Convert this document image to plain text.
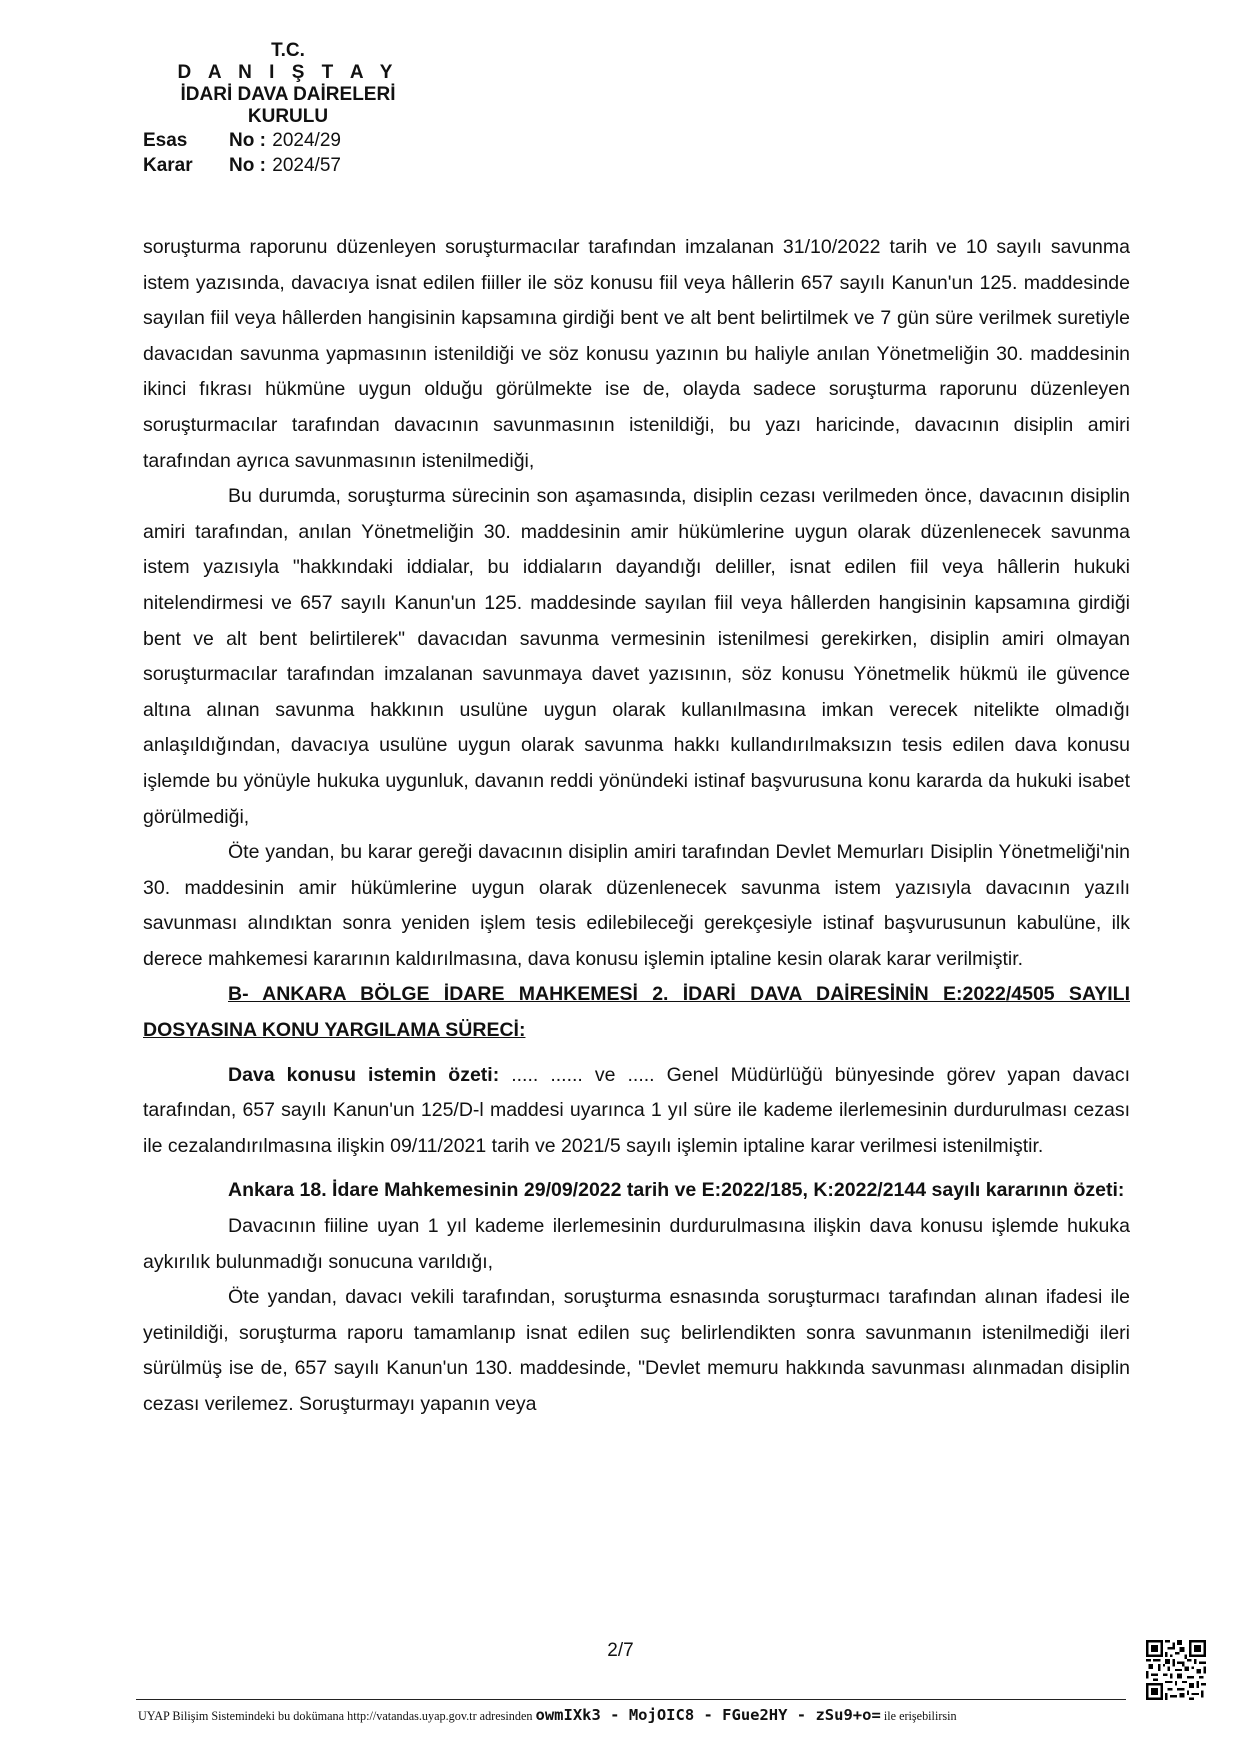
T.C.

D A N I Ş T A Y

İDARİ DAVA DAİRELERİ

KURULU

Esas No : 2024/29
Karar No : 2024/57

soruşturma raporunu düzenleyen soruşturmacılar tarafından imzalanan 31/10/2022 tarih ve 10 sayılı savunma istem yazısında, davacıya isnat edilen fiiller ile söz konusu fiil veya hâllerin 657 sayılı Kanun'un 125. maddesinde sayılan fiil veya hâllerden hangisinin kapsamına girdiği bent ve alt bent belirtilmek ve 7 gün süre verilmek suretiyle davacıdan savunma yapmasının istenildiği ve söz konusu yazının bu haliyle anılan Yönetmeliğin 30. maddesinin ikinci fıkrası hükmüne uygun olduğu görülmekte ise de, olayda sadece soruşturma raporunu düzenleyen soruşturmacılar tarafından davacının savunmasının istenildiği, bu yazı haricinde, davacının disiplin amiri tarafından ayrıca savunmasının istenilmediği,

Bu durumda, soruşturma sürecinin son aşamasında, disiplin cezası verilmeden önce, davacının disiplin amiri tarafından, anılan Yönetmeliğin 30. maddesinin amir hükümlerine uygun olarak düzenlenecek savunma istem yazısıyla "hakkındaki iddialar, bu iddiaların dayandığı deliller, isnat edilen fiil veya hâllerin hukuki nitelendirmesi ve 657 sayılı Kanun'un 125. maddesinde sayılan fiil veya hâllerden hangisinin kapsamına girdiği bent ve alt bent belirtilerek" davacıdan savunma vermesinin istenilmesi gerekirken, disiplin amiri olmayan soruşturmacılar tarafından imzalanan savunmaya davet yazısının, söz konusu Yönetmelik hükmü ile güvence altına alınan savunma hakkının usulüne uygun olarak kullanılmasına imkan verecek nitelikte olmadığı anlaşıldığından, davacıya usulüne uygun olarak savunma hakkı kullandırılmaksızın tesis edilen dava konusu işlemde bu yönüyle hukuka uygunluk, davanın reddi yönündeki istinaf başvurusuna konu kararda da hukuki isabet görülmediği,

Öte yandan, bu karar gereği davacının disiplin amiri tarafından Devlet Memurları Disiplin Yönetmeliği'nin 30. maddesinin amir hükümlerine uygun olarak düzenlenecek savunma istem yazısıyla davacının yazılı savunması alındıktan sonra yeniden işlem tesis edilebileceği gerekçesiyle istinaf başvurusunun kabulüne, ilk derece mahkemesi kararının kaldırılmasına, dava konusu işlemin iptaline kesin olarak karar verilmiştir.

B- ANKARA BÖLGE İDARE MAHKEMESİ 2. İDARİ DAVA DAİRESİNİN E:2022/4505 SAYILI DOSYASINA KONU YARGILAMA SÜRECİ:

Dava konusu istemin özeti: ..... ...... ve ..... Genel Müdürlüğü bünyesinde görev yapan davacı tarafından, 657 sayılı Kanun'un 125/D-l maddesi uyarınca 1 yıl süre ile kademe ilerlemesinin durdurulması cezası ile cezalandırılmasına ilişkin 09/11/2021 tarih ve 2021/5 sayılı işlemin iptaline karar verilmesi istenilmiştir.

Ankara 18. İdare Mahkemesinin 29/09/2022 tarih ve E:2022/185, K:2022/2144 sayılı kararının özeti:

Davacının fiiline uyan 1 yıl kademe ilerlemesinin durdurulmasına ilişkin dava konusu işlemde hukuka aykırılık bulunmadığı sonucuna varıldığı,

Öte yandan, davacı vekili tarafından, soruşturma esnasında soruşturmacı tarafından alınan ifadesi ile yetinildiği, soruşturma raporu tamamlanıp isnat edilen suç belirlendikten sonra savunmanın istenilmediği ileri sürülmüş ise de, 657 sayılı Kanun'un 130. maddesinde, "Devlet memuru hakkında savunması alınmadan disiplin cezası verilemez. Soruşturmayı yapanın veya

2/7
UYAP Bilişim Sistemindeki bu dokümana http://vatandas.uyap.gov.tr adresinden owmIXk3 - MojOIC8 - FGue2HY - zSu9+o= ile erişebilirsin
